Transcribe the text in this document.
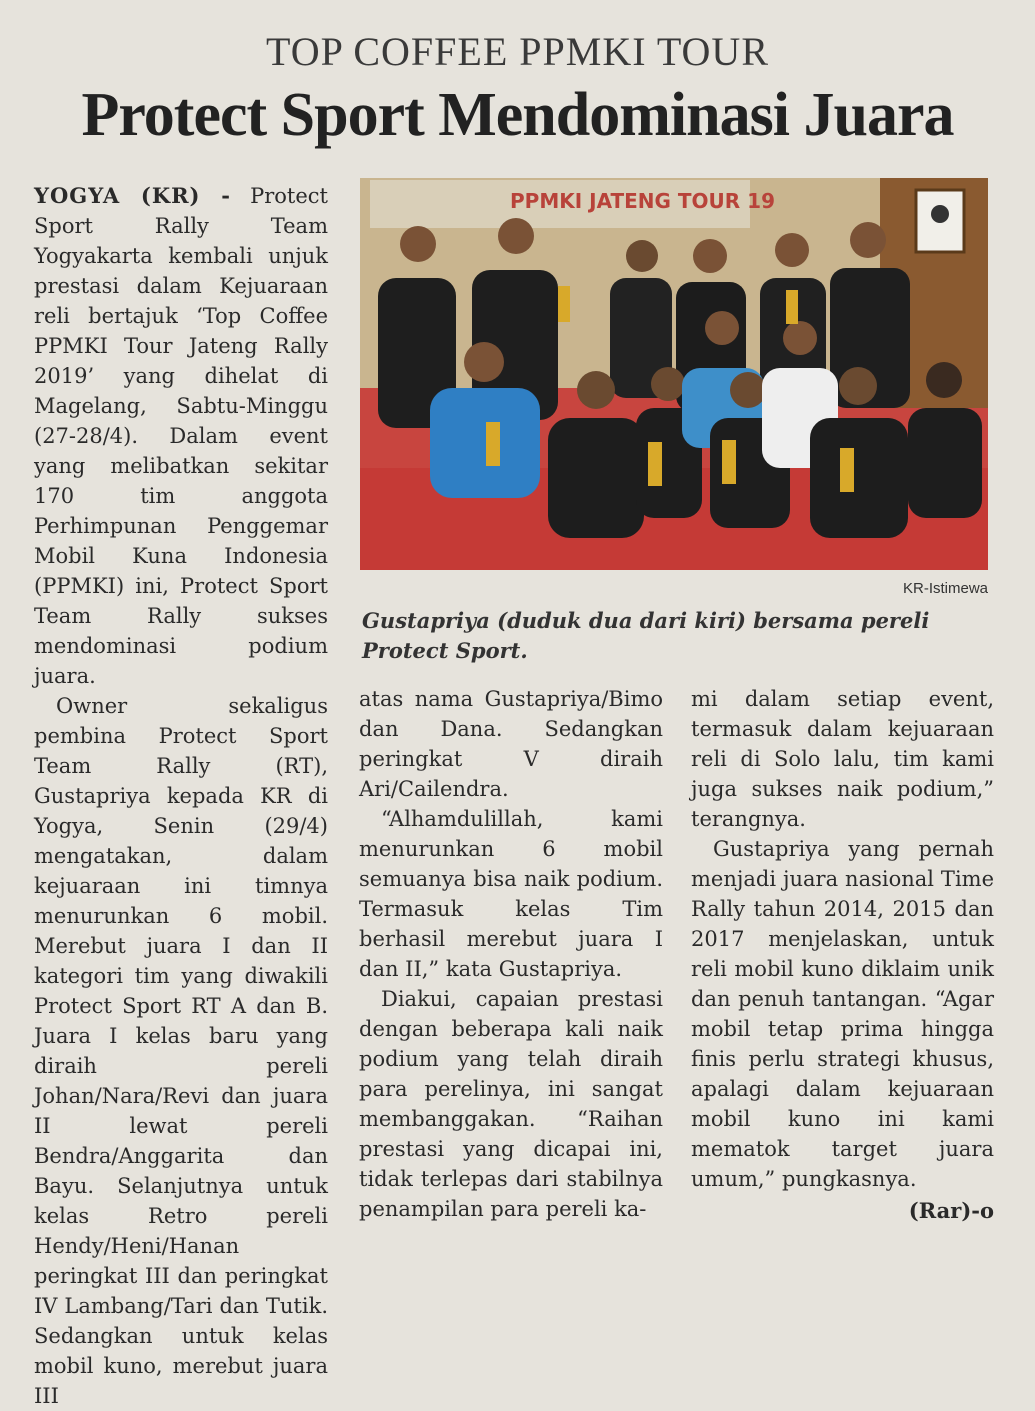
TOP COFFEE PPMKI TOUR
Protect Sport Mendominasi Juara

YOGYA (KR) - Protect Sport Rally Team Yogyakarta kembali unjuk prestasi dalam Kejuaraan reli bertajuk ‘Top Coffee PPMKI Tour Jateng Rally 2019’ yang dihelat di Magelang, Sabtu-Minggu (27-28/4). Dalam event yang melibatkan sekitar 170 tim anggota Perhimpunan Penggemar Mobil Kuna Indonesia (PPMKI) ini, Protect Sport Team Rally sukses mendominasi podium juara.

Owner sekaligus pembina Protect Sport Team Rally (RT), Gustapriya kepada KR di Yogya, Senin (29/4) mengatakan, dalam kejuaraan ini timnya menurunkan 6 mobil. Merebut juara I dan II kategori tim yang diwakili Protect Sport RT A dan B. Juara I kelas baru yang diraih pereli Johan/Nara/Revi dan juara II lewat pereli Bendra/Anggarita dan Bayu. Selanjutnya untuk kelas Retro pereli Hendy/Heni/Hanan peringkat III dan peringkat IV Lambang/Tari dan Tutik. Sedangkan untuk kelas mobil kuno, merebut juara III

PPMKI JATENG TOUR 19
KR-Istimewa
Gustapriya (duduk dua dari kiri) bersama pereli Protect Sport.

atas nama Gustapriya/Bimo dan Dana. Sedangkan peringkat V diraih Ari/Cailendra.

“Alhamdulillah, kami menurunkan 6 mobil semuanya bisa naik podium. Termasuk kelas Tim berhasil merebut juara I dan II,” kata Gustapriya.

Diakui, capaian prestasi dengan beberapa kali naik podium yang telah diraih para perelinya, ini sangat membanggakan. “Raihan prestasi yang dicapai ini, tidak terlepas dari stabilnya penampilan para pereli ka-

mi dalam setiap event, termasuk dalam kejuaraan reli di Solo lalu, tim kami juga sukses naik podium,” terangnya.

Gustapriya yang pernah menjadi juara nasional Time Rally tahun 2014, 2015 dan 2017 menjelaskan, untuk reli mobil kuno diklaim unik dan penuh tantangan. “Agar mobil tetap prima hingga finis perlu strategi khusus, apalagi dalam kejuaraan mobil kuno ini kami mematok target juara umum,” pungkasnya.

(Rar)-o
